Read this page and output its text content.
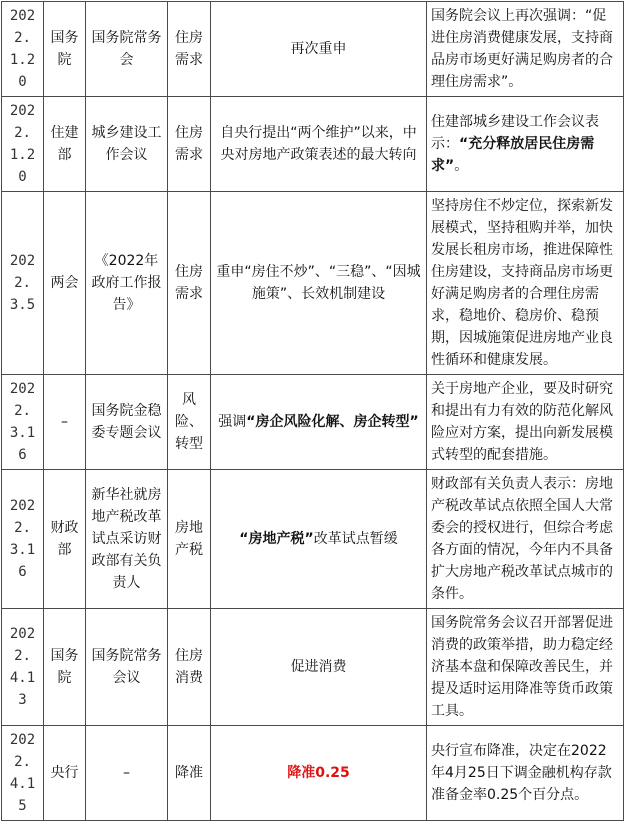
2022.1.20	国务院	国务院常务会	住房需求	再次重申	国务院会议上再次强调：“促进住房消费健康发展，支持商品房市场更好满足购房者的合理住房需求”。
2022.1.20	住建部	城乡建设工作会议	住房需求	自央行提出“两个维护”以来，中央对房地产政策表述的最大转向	住建部城乡建设工作会议表示：“充分释放居民住房需求”。
2022.3.5	两会	《2022年政府工作报告》	住房需求	重申“房住不炒”、“三稳”、“因城施策”、长效机制建设	坚持房住不炒定位，探索新发展模式，坚持租购并举，加快发展长租房市场，推进保障性住房建设，支持商品房市场更好满足购房者的合理住房需求，稳地价、稳房价、稳预期，因城施策促进房地产业良性循环和健康发展。
2022.3.16	–	国务院金稳委专题会议	风险、转型	强调“房企风险化解、房企转型”	关于房地产企业，要及时研究和提出有力有效的防范化解风险应对方案，提出向新发展模式转型的配套措施。
2022.3.16	财政部	新华社就房地产税改革试点采访财政部有关负责人	房地产税	“房地产税”改革试点暂缓	财政部有关负责人表示：房地产税改革试点依照全国人大常委会的授权进行，但综合考虑各方面的情况，今年内不具备扩大房地产税改革试点城市的条件。
2022.4.13	国务院	国务院常务会议	住房消费	促进消费	国务院常务会议召开部署促进消费的政策举措，助力稳定经济基本盘和保障改善民生，并提及适时运用降准等货币政策工具。
2022.4.15	央行	–	降准	降准0.25	央行宣布降准，决定在2022年4月25日下调金融机构存款准备金率0.25个百分点。
